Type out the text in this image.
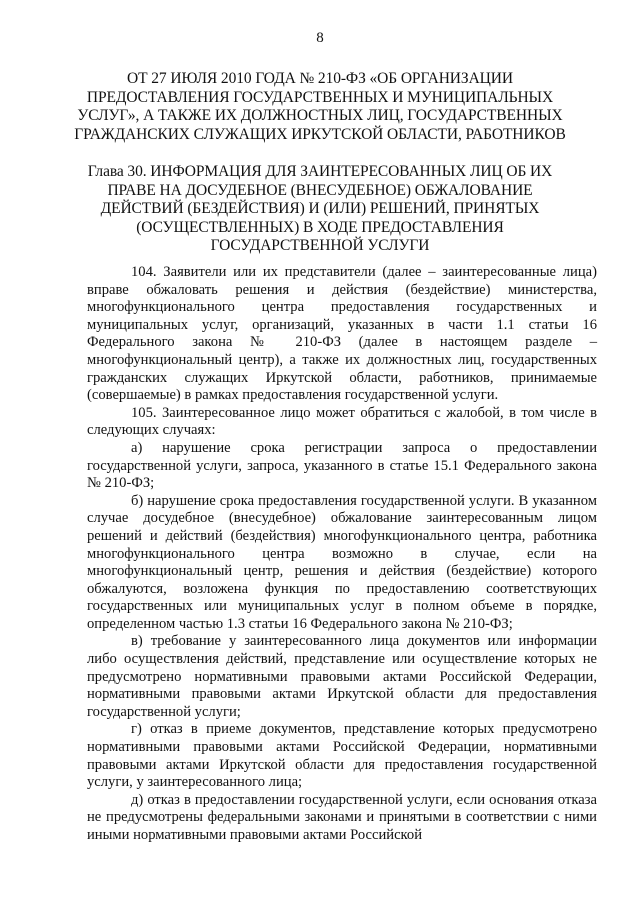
8
ОТ 27 ИЮЛЯ 2010 ГОДА № 210-ФЗ «ОБ ОРГАНИЗАЦИИ ПРЕДОСТАВЛЕНИЯ ГОСУДАРСТВЕННЫХ И МУНИЦИПАЛЬНЫХ УСЛУГ», А ТАКЖЕ ИХ ДОЛЖНОСТНЫХ ЛИЦ, ГОСУДАРСТВЕННЫХ ГРАЖДАНСКИХ СЛУЖАЩИХ ИРКУТСКОЙ ОБЛАСТИ, РАБОТНИКОВ
Глава 30. ИНФОРМАЦИЯ ДЛЯ ЗАИНТЕРЕСОВАННЫХ ЛИЦ ОБ ИХ ПРАВЕ НА ДОСУДЕБНОЕ (ВНЕСУДЕБНОЕ) ОБЖАЛОВАНИЕ ДЕЙСТВИЙ (БЕЗДЕЙСТВИЯ) И (ИЛИ) РЕШЕНИЙ, ПРИНЯТЫХ (ОСУЩЕСТВЛЕННЫХ) В ХОДЕ ПРЕДОСТАВЛЕНИЯ ГОСУДАРСТВЕННОЙ УСЛУГИ

104. Заявители или их представители (далее – заинтересованные лица) вправе обжаловать решения и действия (бездействие) министерства, многофункционального центра предоставления государственных и муниципальных услуг, организаций, указанных в части 1.1 статьи 16 Федерального закона № 210-ФЗ (далее в настоящем разделе – многофункциональный центр), а также их должностных лиц, государственных гражданских служащих Иркутской области, работников, принимаемые (совершаемые) в рамках предоставления государственной услуги.

105. Заинтересованное лицо может обратиться с жалобой, в том числе в следующих случаях:

а) нарушение срока регистрации запроса о предоставлении государственной услуги, запроса, указанного в статье 15.1 Федерального закона № 210-ФЗ;

б) нарушение срока предоставления государственной услуги. В указанном случае досудебное (внесудебное) обжалование заинтересованным лицом решений и действий (бездействия) многофункционального центра, работника многофункционального центра возможно в случае, если на многофункциональный центр, решения и действия (бездействие) которого обжалуются, возложена функция по предоставлению соответствующих государственных или муниципальных услуг в полном объеме в порядке, определенном частью 1.3 статьи 16 Федерального закона № 210-ФЗ;

в) требование у заинтересованного лица документов или информации либо осуществления действий, представление или осуществление которых не предусмотрено нормативными правовыми актами Российской Федерации, нормативными правовыми актами Иркутской области для предоставления государственной услуги;

г) отказ в приеме документов, представление которых предусмотрено нормативными правовыми актами Российской Федерации, нормативными правовыми актами Иркутской области для предоставления государственной услуги, у заинтересованного лица;

д) отказ в предоставлении государственной услуги, если основания отказа не предусмотрены федеральными законами и принятыми в соответствии с ними иными нормативными правовыми актами Российской
